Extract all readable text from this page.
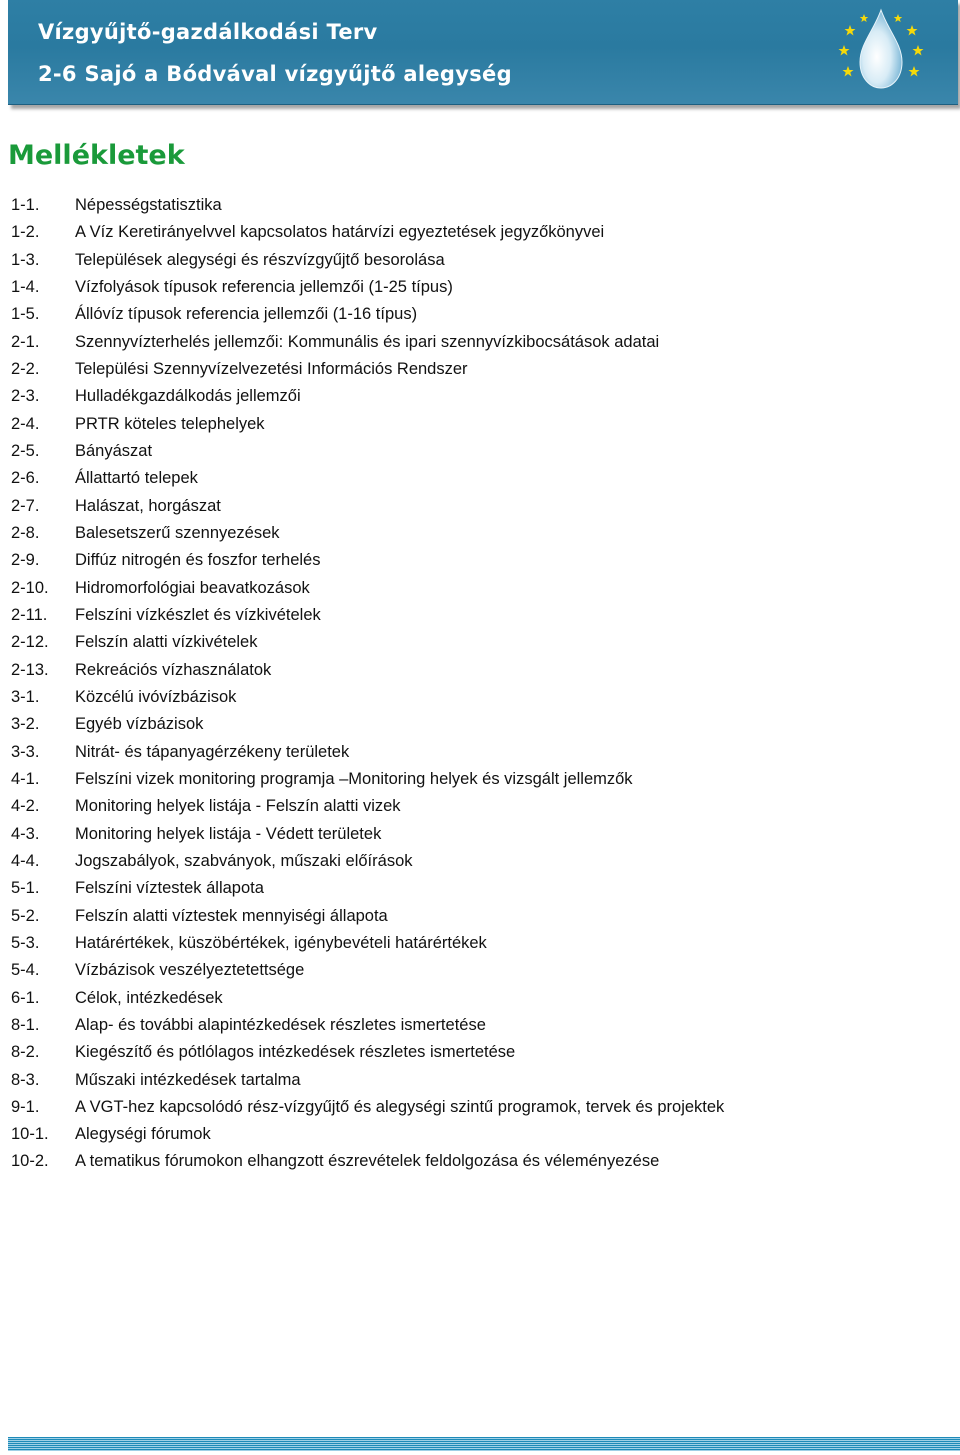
Vízgyűjtő-gazdálkodási Terv
2-6 Sajó a Bódvával vízgyűjtő alegység
Mellékletek
1-1. Népességstatisztika
1-2. A Víz Keretirányelvvel kapcsolatos határvízi egyeztetések jegyzőkönyvei
1-3. Települések alegységi és részvízgyűjtő besorolása
1-4. Vízfolyások típusok referencia jellemzői (1-25 típus)
1-5. Állóvíz típusok referencia jellemzői (1-16 típus)
2-1. Szennyvízterhelés jellemzői: Kommunális és ipari szennyvízkibocsátások adatai
2-2. Települési Szennyvízelvezetési Információs Rendszer
2-3. Hulladékgazdálkodás jellemzői
2-4. PRTR köteles telephelyek
2-5. Bányászat
2-6. Állattartó telepek
2-7. Halászat, horgászat
2-8. Balesetszerű szennyezések
2-9. Diffúz nitrogén és foszfor terhelés
2-10. Hidromorfológiai beavatkozások
2-11. Felszíni vízkészlet és vízkivételek
2-12. Felszín alatti vízkivételek
2-13. Rekreációs vízhasználatok
3-1. Közcélú ivóvízbázisok
3-2. Egyéb vízbázisok
3-3. Nitrát- és tápanyagérzékeny területek
4-1. Felszíni vizek monitoring programja –Monitoring helyek és vizsgált jellemzők
4-2. Monitoring helyek listája - Felszín alatti vizek
4-3. Monitoring helyek listája - Védett területek
4-4. Jogszabályok, szabványok, műszaki előírások
5-1. Felszíni víztestek állapota
5-2. Felszín alatti víztestek mennyiségi állapota
5-3. Határértékek, küszöbértékek, igénybevételi határértékek
5-4. Vízbázisok veszélyeztetettsége
6-1. Célok, intézkedések
8-1. Alap- és további alapintézkedések részletes ismertetése
8-2. Kiegészítő és pótlólagos intézkedések részletes ismertetése
8-3. Műszaki intézkedések tartalma
9-1. A VGT-hez kapcsolódó rész-vízgyűjtő és alegységi szintű programok, tervek és projektek
10-1. Alegységi fórumok
10-2. A tematikus fórumokon elhangzott észrevételek feldolgozása és véleményezése
